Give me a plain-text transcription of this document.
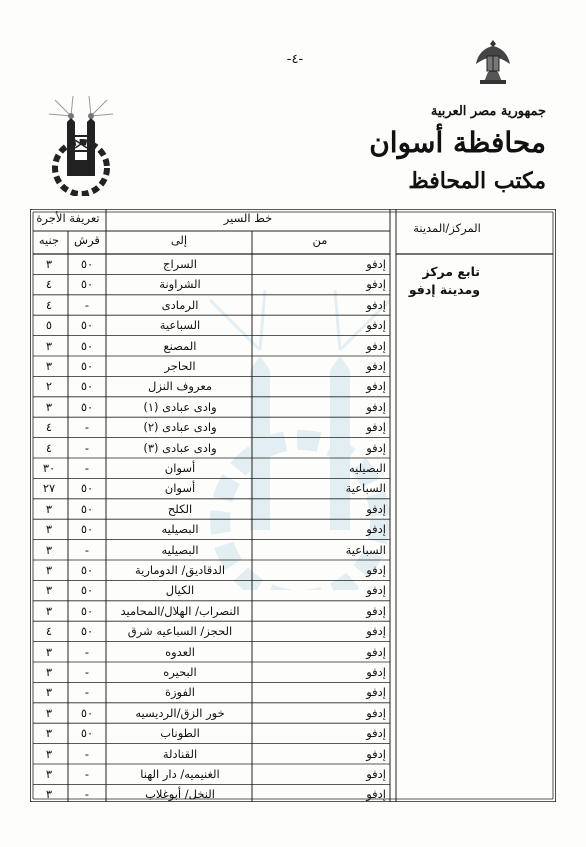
-٤-
جمهورية مصر العربية
محافظة أسوان
مكتب المحافظ
المركز/المدينة
خط السير
من
إلى
تعريفة الأجرة
قرش
جنيه
تابع مركز ومدينة إدفو
إدفو
السراج
٥٠
٣
إدفو
الشراونة
٥٠
٤
إدفو
الرمادى
-
٤
إدفو
السباعية
٥٠
٥
إدفو
المصنع
٥٠
٣
إدفو
الحاجر
٥٠
٣
إدفو
معروف النزل
٥٠
٢
إدفو
وادى عبادى (١)
٥٠
٣
إدفو
وادى عبادى (٢)
-
٤
إدفو
وادى عبادى (٣)
-
٤
البصيليه
أسوان
-
٣٠
السباعية
أسوان
٥٠
٢٧
إدفو
الكلح
٥٠
٣
إدفو
البصيليه
٥٠
٣
السباعية
البصيليه
-
٣
إدفو
الدقاديق/ الدومارية
٥٠
٣
إدفو
الكيال
٥٠
٣
إدفو
النصراب/ الهلال/المحاميد
٥٠
٣
إدفو
الحجز/ السباعيه شرق
٥٠
٤
إدفو
العدوه
-
٣
إدفو
البحيره
-
٣
إدفو
الفوزة
-
٣
إدفو
خور الزق/الرديسيه
٥٠
٣
إدفو
الطوناب
٥٠
٣
إدفو
القنادلة
-
٣
إدفو
الغنيميه/ دار الهنا
-
٣
إدفو
النخل/ أبوغلاب
-
٣
